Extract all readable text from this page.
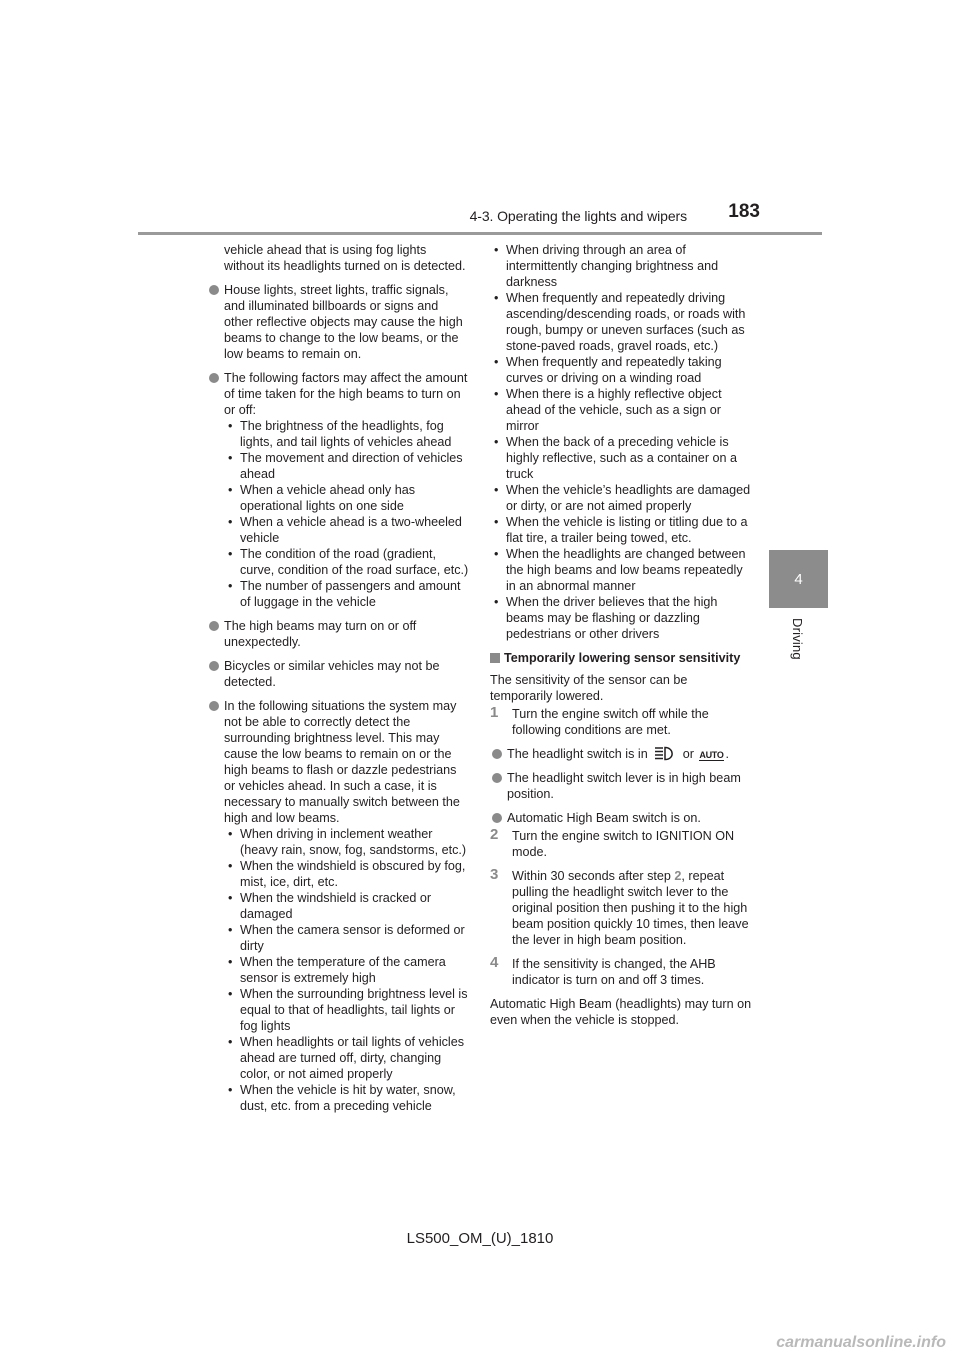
4-3. Operating the lights and wipers 183
4
Driving

vehicle ahead that is using fog lights without its headlights turned on is detected.

House lights, street lights, traffic signals, and illuminated billboards or signs and other reflective objects may cause the high beams to change to the low beams, or the low beams to remain on.
The following factors may affect the amount of time taken for the high beams to turn on or off:
• The brightness of the headlights, fog lights, and tail lights of vehicles ahead
• The movement and direction of vehicles ahead
• When a vehicle ahead only has operational lights on one side
• When a vehicle ahead is a two-wheeled vehicle
• The condition of the road (gradient, curve, condition of the road surface, etc.)
• The number of passengers and amount of luggage in the vehicle
The high beams may turn on or off unexpectedly.
Bicycles or similar vehicles may not be detected.
In the following situations the system may not be able to correctly detect the surrounding brightness level. This may cause the low beams to remain on or the high beams to flash or dazzle pedestrians or vehicles ahead. In such a case, it is necessary to manually switch between the high and low beams.
• When driving in inclement weather (heavy rain, snow, fog, sandstorms, etc.)
• When the windshield is obscured by fog, mist, ice, dirt, etc.
• When the windshield is cracked or damaged
• When the camera sensor is deformed or dirty
• When the temperature of the camera sensor is extremely high
• When the surrounding brightness level is equal to that of headlights, tail lights or fog lights
• When headlights or tail lights of vehicles ahead are turned off, dirty, changing color, or not aimed properly
• When the vehicle is hit by water, snow, dust, etc. from a preceding vehicle
• When driving through an area of intermittently changing brightness and darkness
• When frequently and repeatedly driving ascending/descending roads, or roads with rough, bumpy or uneven surfaces (such as stone-paved roads, gravel roads, etc.)
• When frequently and repeatedly taking curves or driving on a winding road
• When there is a highly reflective object ahead of the vehicle, such as a sign or mirror
• When the back of a preceding vehicle is highly reflective, such as a container on a truck
• When the vehicle’s headlights are damaged or dirty, or are not aimed properly
• When the vehicle is listing or titling due to a flat tire, a trailer being towed, etc.
• When the headlights are changed between the high beams and low beams repeatedly in an abnormal manner
• When the driver believes that the high beams may be flashing or dazzling pedestrians or other drivers
Temporarily lowering sensor sensitivity

The sensitivity of the sensor can be temporarily lowered.

1 Turn the engine switch off while the following conditions are met.
The headlight switch is in	or AUTO .
The headlight switch lever is in high beam position.
Automatic High Beam switch is on.
2 Turn the engine switch to IGNITION ON mode.
3 Within 30 seconds after step 2, repeat pulling the headlight switch lever to the original position then pushing it to the high beam position quickly 10 times, then leave the lever in high beam position.
4 If the sensitivity is changed, the AHB indicator is turn on and off 3 times.

Automatic High Beam (headlights) may turn on even when the vehicle is stopped.

LS500_OM_(U)_1810
carmanualsonline.info
